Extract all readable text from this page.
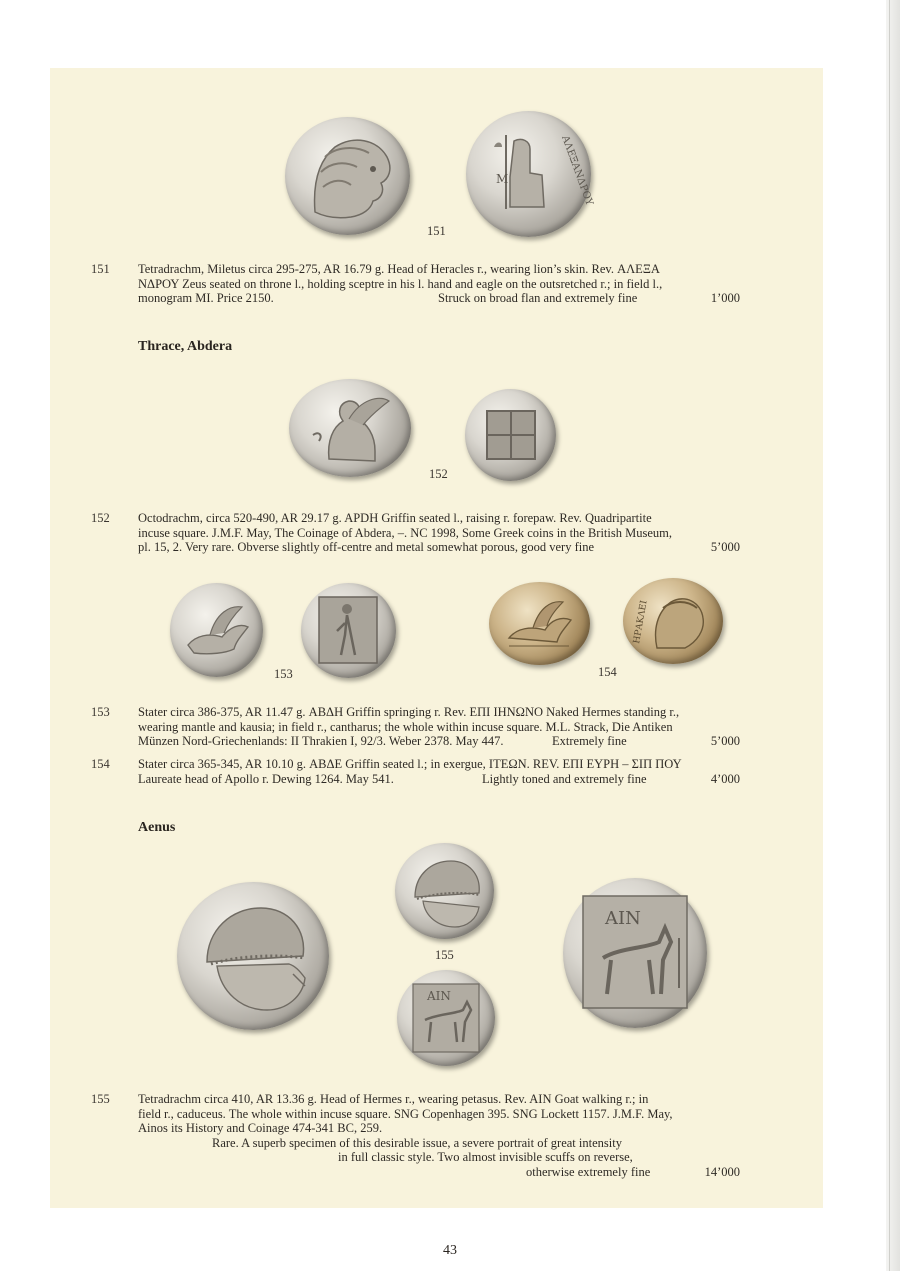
M	ΑΛΕΞΑΝΔΡΟΥ
151
151 Tetradrachm, Miletus circa 295-275, AR 16.79 g. Head of Heracles r., wearing lion’s skin. Rev. ΑΛΕΞΑ
ΝΔΡΟΥ Zeus seated on throne l., holding sceptre in his l. hand and eagle on the outsretched r.; in field l.,
monogram MI. Price 2150.	Struck on broad flan and extremely fine	1’000
Thrace, Abdera
152
152 Octodrachm, circa 520-490, AR 29.17 g. APDH Griffin seated l., raising r. forepaw. Rev. Quadripartite
incuse square. J.M.F. May, The Coinage of Abdera, –. NC 1998, Some Greek coins in the British Museum,
pl. 15, 2. Very rare. Obverse slightly off-centre and metal somewhat porous, good very fine	5’000
153
ΗΡΑΚΛΕΙ
154
153 Stater circa 386-375, AR 11.47 g. ΑΒΔΗ Griffin springing r. Rev. ΕΠΙ ΙΗΝΩΝΟ Naked Hermes standing r.,
wearing mantle and kausia; in field r., cantharus; the whole within incuse square. M.L. Strack, Die Antiken
Münzen Nord-Griechenlands: II Thrakien I, 92/3. Weber 2378. May 447.	Extremely fine	5’000
154 Stater circa 365-345, AR 10.10 g. ΑΒΔΕ Griffin seated l.; in exergue, ΙΤΕΩΝ. REV. ΕΠΙ ΕΥΡΗ – ΣΙΠ ΠΟΥ
Laureate head of Apollo r. Dewing 1264. May 541.	Lightly toned and extremely fine	4’000
Aenus
155
AIN
AIN
155 Tetradrachm circa 410, AR 13.36 g. Head of Hermes r., wearing petasus. Rev. AIN Goat walking r.; in
field r., caduceus. The whole within incuse square. SNG Copenhagen 395. SNG Lockett 1157. J.M.F. May,
Ainos its History and Coinage 474-341 BC, 259.
Rare. A superb specimen of this desirable issue, a severe portrait of great intensity
in full classic style. Two almost invisible scuffs on reverse,
otherwise extremely fine	14’000
43
